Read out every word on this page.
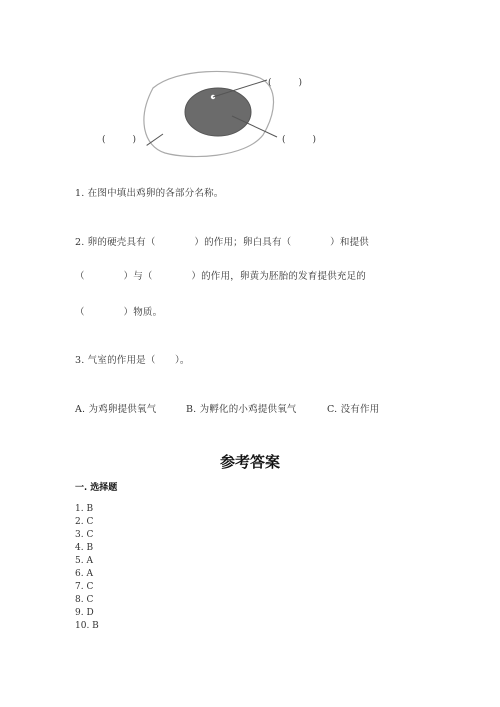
(　　　)
(　　　)	(　　　)
1. 在图中填出鸡卵的各部分名称。
2. 卵的硬壳具有（　　　　）的作用；卵白具有（　　　　）和提供
（　　　　）与（　　　　）的作用，卵黄为胚胎的发育提供充足的
（　　　　）物质。
3. 气室的作用是（　　）。
A. 为鸡卵提供氧气	B. 为孵化的小鸡提供氧气	C. 没有作用
参考答案
一. 选择题
1. B
2. C
3. C
4. B
5. A
6. A
7. C
8. C
9. D
10. B
